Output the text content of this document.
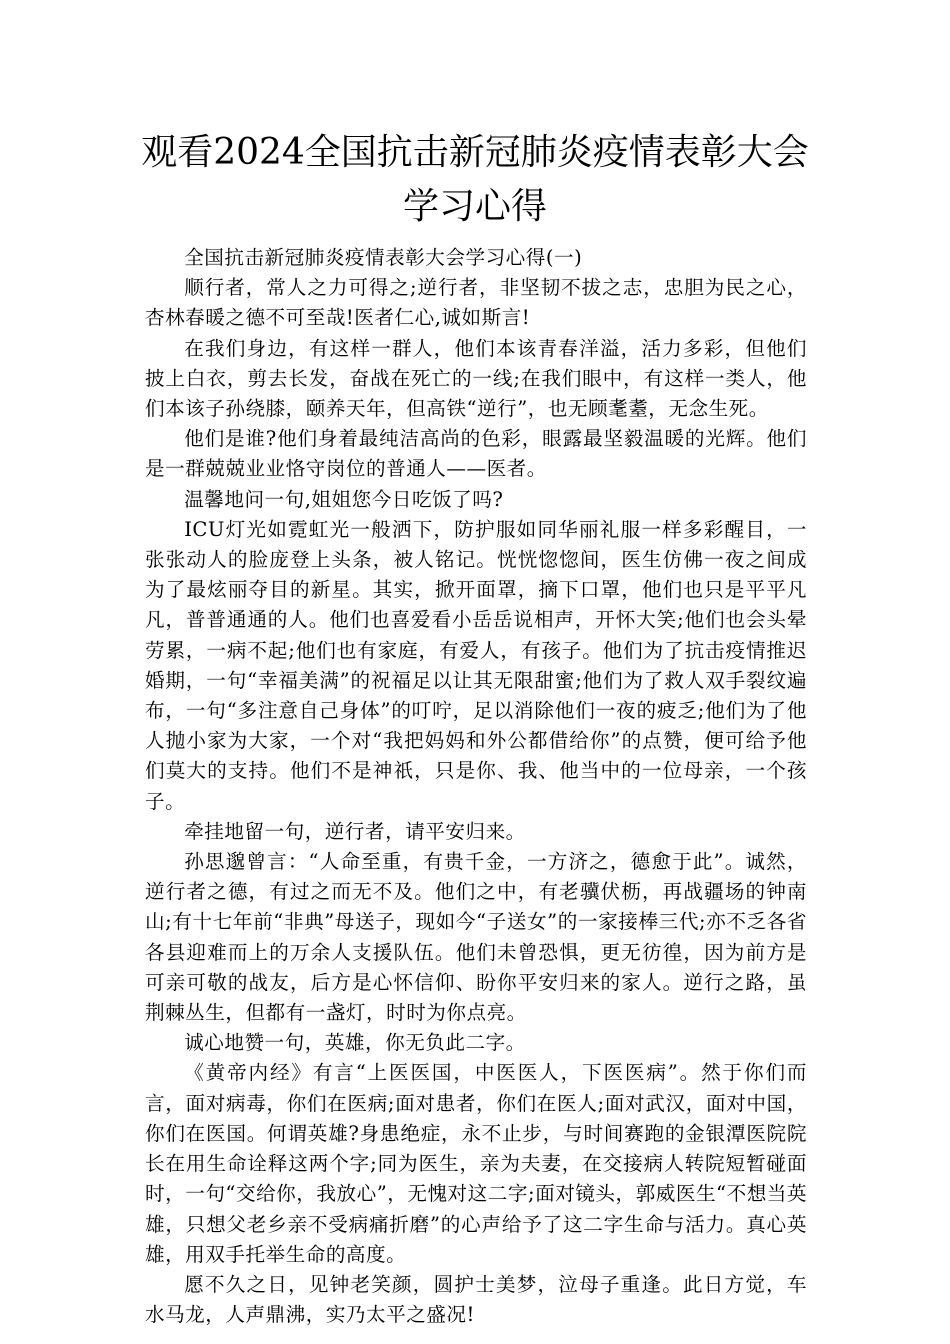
观看2024全国抗击新冠肺炎疫情表彰大会
学习心得

全国抗击新冠肺炎疫情表彰大会学习心得(一)

顺行者，常人之力可得之;逆行者，非坚韧不拔之志，忠胆为民之心，杏林春暖之德不可至哉!医者仁心,诚如斯言!

在我们身边，有这样一群人，他们本该青春洋溢，活力多彩，但他们披上白衣，剪去长发，奋战在死亡的一线;在我们眼中，有这样一类人，他们本该子孙绕膝，颐养天年，但高铁“逆行”，也无顾耄耋，无念生死。

他们是谁?他们身着最纯洁高尚的色彩，眼露最坚毅温暖的光辉。他们是一群兢兢业业恪守岗位的普通人——医者。

温馨地问一句,姐姐您今日吃饭了吗?

ICU灯光如霓虹光一般洒下，防护服如同华丽礼服一样多彩醒目，一张张动人的脸庞登上头条，被人铭记。恍恍惚惚间，医生仿佛一夜之间成为了最炫丽夺目的新星。其实，掀开面罩，摘下口罩，他们也只是平平凡凡，普普通通的人。他们也喜爱看小岳岳说相声，开怀大笑;他们也会头晕劳累，一病不起;他们也有家庭，有爱人，有孩子。他们为了抗击疫情推迟婚期，一句“幸福美满”的祝福足以让其无限甜蜜;他们为了救人双手裂纹遍布，一句“多注意自己身体”的叮咛，足以消除他们一夜的疲乏;他们为了他人抛小家为大家，一个对“我把妈妈和外公都借给你”的点赞，便可给予他们莫大的支持。他们不是神祇，只是你、我、他当中的一位母亲，一个孩子。

牵挂地留一句，逆行者，请平安归来。

孙思邈曾言：“人命至重，有贵千金，一方济之，德愈于此”。诚然，逆行者之德，有过之而无不及。他们之中，有老骥伏枥，再战疆场的钟南山;有十七年前“非典”母送子，现如今“子送女”的一家接棒三代;亦不乏各省各县迎难而上的万余人支援队伍。他们未曾恐惧，更无彷徨，因为前方是可亲可敬的战友，后方是心怀信仰、盼你平安归来的家人。逆行之路，虽荆棘丛生，但都有一盏灯，时时为你点亮。

诚心地赞一句，英雄，你无负此二字。

《黄帝内经》有言“上医医国，中医医人，下医医病”。然于你们而言，面对病毒，你们在医病;面对患者，你们在医人;面对武汉，面对中国，你们在医国。何谓英雄?身患绝症，永不止步，与时间赛跑的金银潭医院院长在用生命诠释这两个字;同为医生，亲为夫妻，在交接病人转院短暂碰面时，一句“交给你，我放心”，无愧对这二字;面对镜头，郭威医生“不想当英雄，只想父老乡亲不受病痛折磨”的心声给予了这二字生命与活力。真心英雄，用双手托举生命的高度。

愿不久之日，见钟老笑颜，圆护士美梦，泣母子重逢。此日方觉，车水马龙，人声鼎沸，实乃太平之盛况!
